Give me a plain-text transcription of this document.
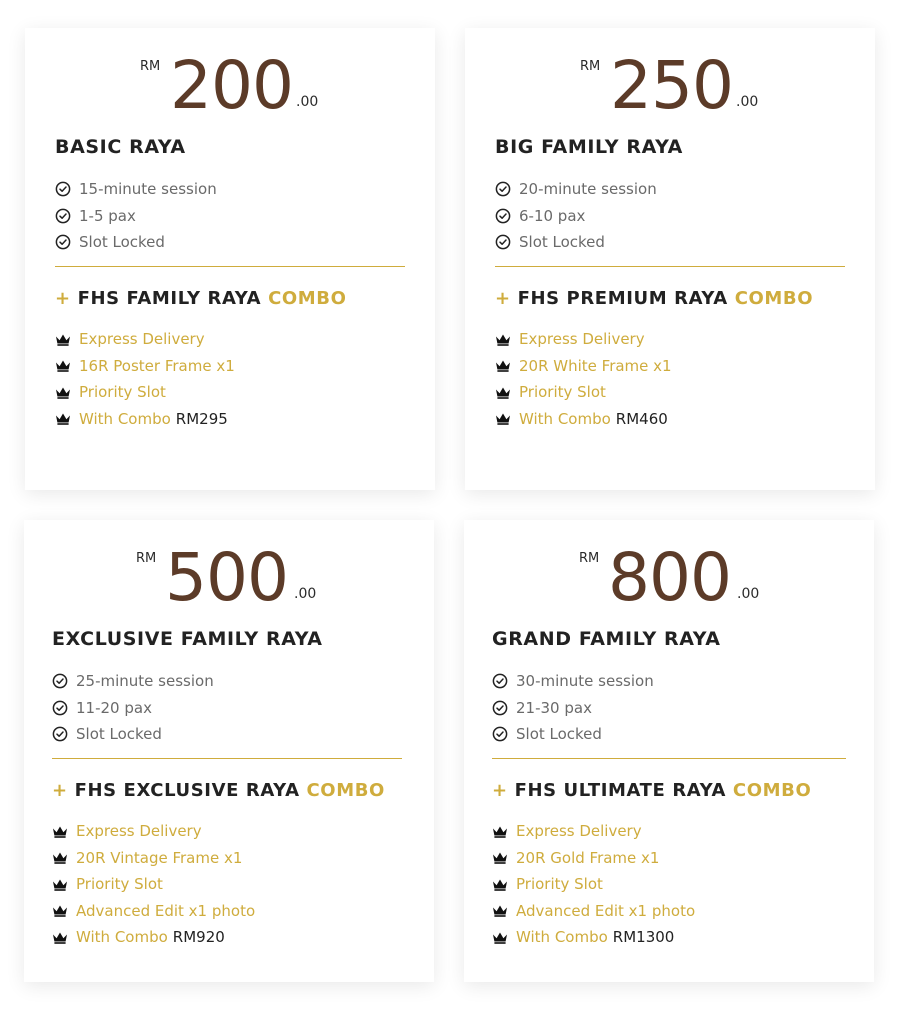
RM 200 .00
BASIC RAYA
15-minute session
1-5 pax
Slot Locked
+ FHS FAMILY RAYA COMBO
Express Delivery
16R Poster Frame x1
Priority Slot
With Combo RM295
RM 250 .00
BIG FAMILY RAYA
20-minute session
6-10 pax
Slot Locked
+ FHS PREMIUM RAYA COMBO
Express Delivery
20R White Frame x1
Priority Slot
With Combo RM460
RM 500 .00
EXCLUSIVE FAMILY RAYA
25-minute session
11-20 pax
Slot Locked
+ FHS EXCLUSIVE RAYA COMBO
Express Delivery
20R Vintage Frame x1
Priority Slot
Advanced Edit x1 photo
With Combo RM920
RM 800 .00
GRAND FAMILY RAYA
30-minute session
21-30 pax
Slot Locked
+ FHS ULTIMATE RAYA COMBO
Express Delivery
20R Gold Frame x1
Priority Slot
Advanced Edit x1 photo
With Combo RM1300
